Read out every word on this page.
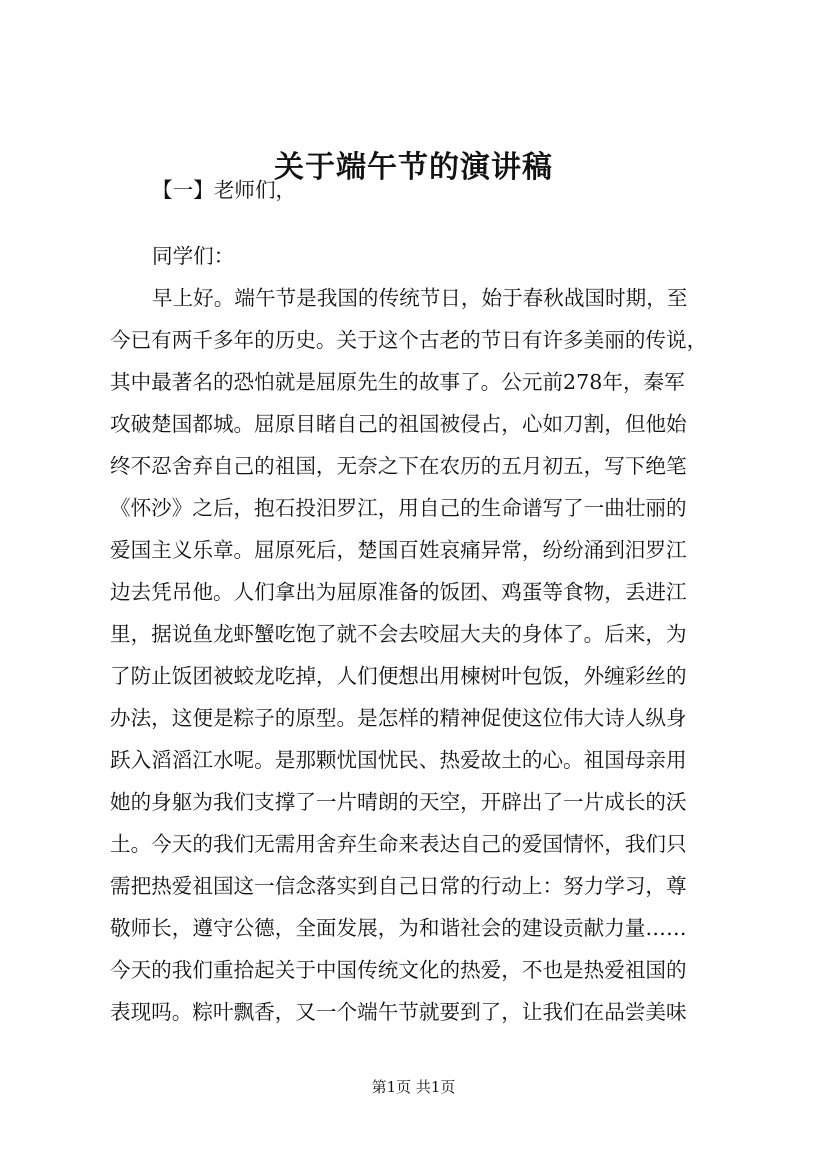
关于端午节的演讲稿
【一】老师们，
同学们：
早上好。端午节是我国的传统节日，始于春秋战国时期，至
今已有两千多年的历史。关于这个古老的节日有许多美丽的传说，
其中最著名的恐怕就是屈原先生的故事了。公元前278年，秦军
攻破楚国都城。屈原目睹自己的祖国被侵占，心如刀割，但他始
终不忍舍弃自己的祖国，无奈之下在农历的五月初五，写下绝笔
《怀沙》之后，抱石投汨罗江，用自己的生命谱写了一曲壮丽的
爱国主义乐章。屈原死后，楚国百姓哀痛异常，纷纷涌到汨罗江
边去凭吊他。人们拿出为屈原准备的饭团、鸡蛋等食物，丢进江
里，据说鱼龙虾蟹吃饱了就不会去咬屈大夫的身体了。后来，为
了防止饭团被蛟龙吃掉，人们便想出用楝树叶包饭，外缠彩丝的
办法，这便是粽子的原型。是怎样的精神促使这位伟大诗人纵身
跃入滔滔江水呢。是那颗忧国忧民、热爱故土的心。祖国母亲用
她的身躯为我们支撑了一片晴朗的天空，开辟出了一片成长的沃
土。今天的我们无需用舍弃生命来表达自己的爱国情怀，我们只
需把热爱祖国这一信念落实到自己日常的行动上：努力学习，尊
敬师长，遵守公德，全面发展，为和谐社会的建设贡献力量……
今天的我们重拾起关于中国传统文化的热爱，不也是热爱祖国的
表现吗。粽叶飘香，又一个端午节就要到了，让我们在品尝美味
第1页 共1页
